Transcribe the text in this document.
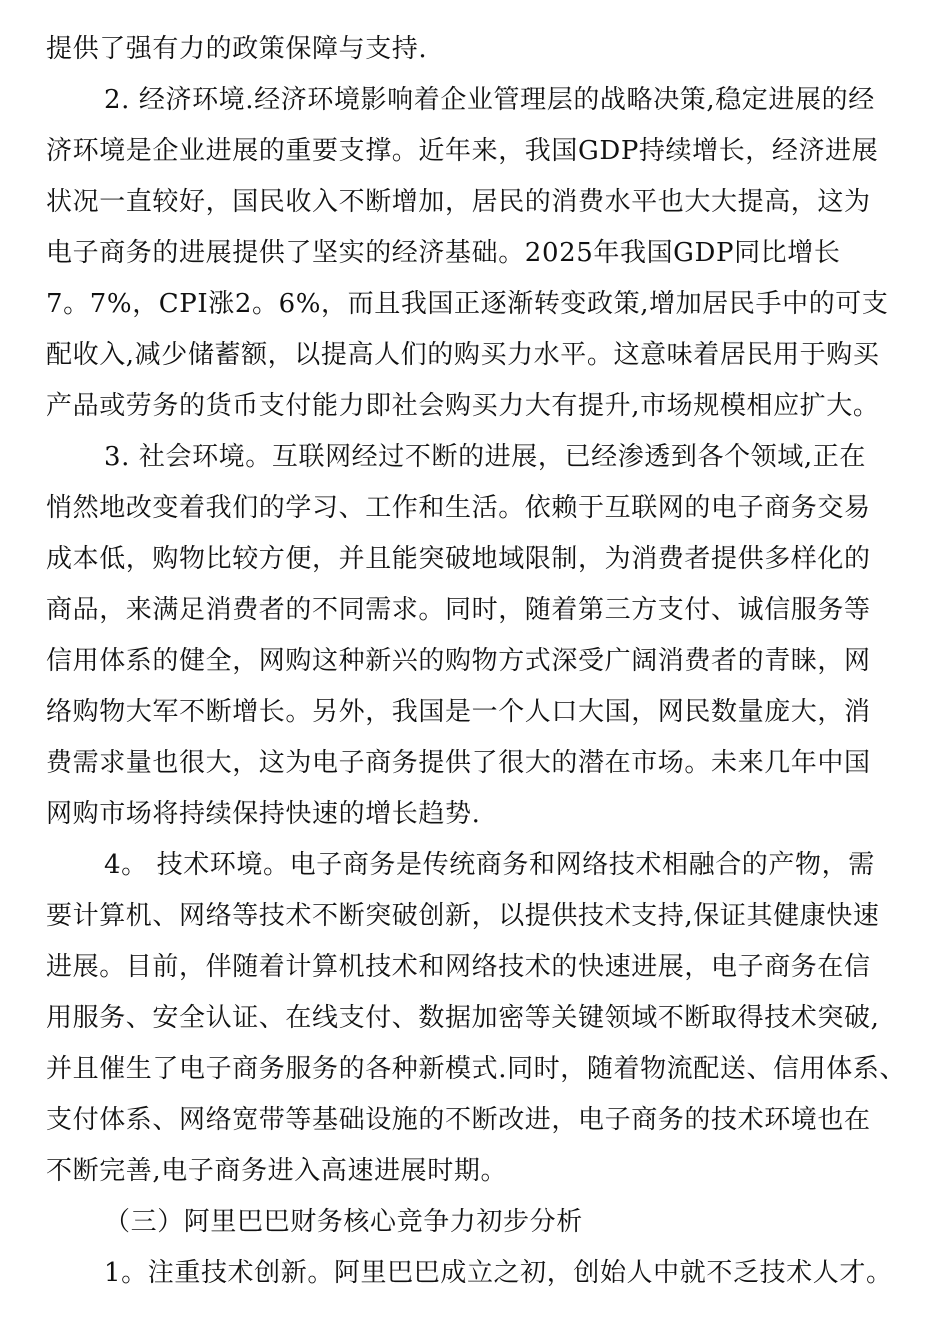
提供了强有力的政策保障与支持.
2. 经济环境.经济环境影响着企业管理层的战略决策,稳定进展的经
济环境是企业进展的重要支撑。近年来，我国GDP持续增长，经济进展
状况一直较好，国民收入不断增加，居民的消费水平也大大提高，这为
电子商务的进展提供了坚实的经济基础。2025年我国GDP同比增长
7。7%，CPI涨2。6%，而且我国正逐渐转变政策,增加居民手中的可支
配收入,减少储蓄额，以提高人们的购买力水平。这意味着居民用于购买
产品或劳务的货币支付能力即社会购买力大有提升,市场规模相应扩大。
3. 社会环境。互联网经过不断的进展，已经渗透到各个领域,正在
悄然地改变着我们的学习、工作和生活。依赖于互联网的电子商务交易
成本低，购物比较方便，并且能突破地域限制，为消费者提供多样化的
商品，来满足消费者的不同需求。同时，随着第三方支付、诚信服务等
信用体系的健全，网购这种新兴的购物方式深受广阔消费者的青睐，网
络购物大军不断增长。另外，我国是一个人口大国，网民数量庞大，消
费需求量也很大，这为电子商务提供了很大的潜在市场。未来几年中国
网购市场将持续保持快速的增长趋势.
4。 技术环境。电子商务是传统商务和网络技术相融合的产物，需
要计算机、网络等技术不断突破创新，以提供技术支持,保证其健康快速
进展。目前，伴随着计算机技术和网络技术的快速进展，电子商务在信
用服务、安全认证、在线支付、数据加密等关键领域不断取得技术突破,
并且催生了电子商务服务的各种新模式.同时，随着物流配送、信用体系、
支付体系、网络宽带等基础设施的不断改进，电子商务的技术环境也在
不断完善,电子商务进入高速进展时期。
（三）阿里巴巴财务核心竞争力初步分析
1。注重技术创新。阿里巴巴成立之初，创始人中就不乏技术人才。
